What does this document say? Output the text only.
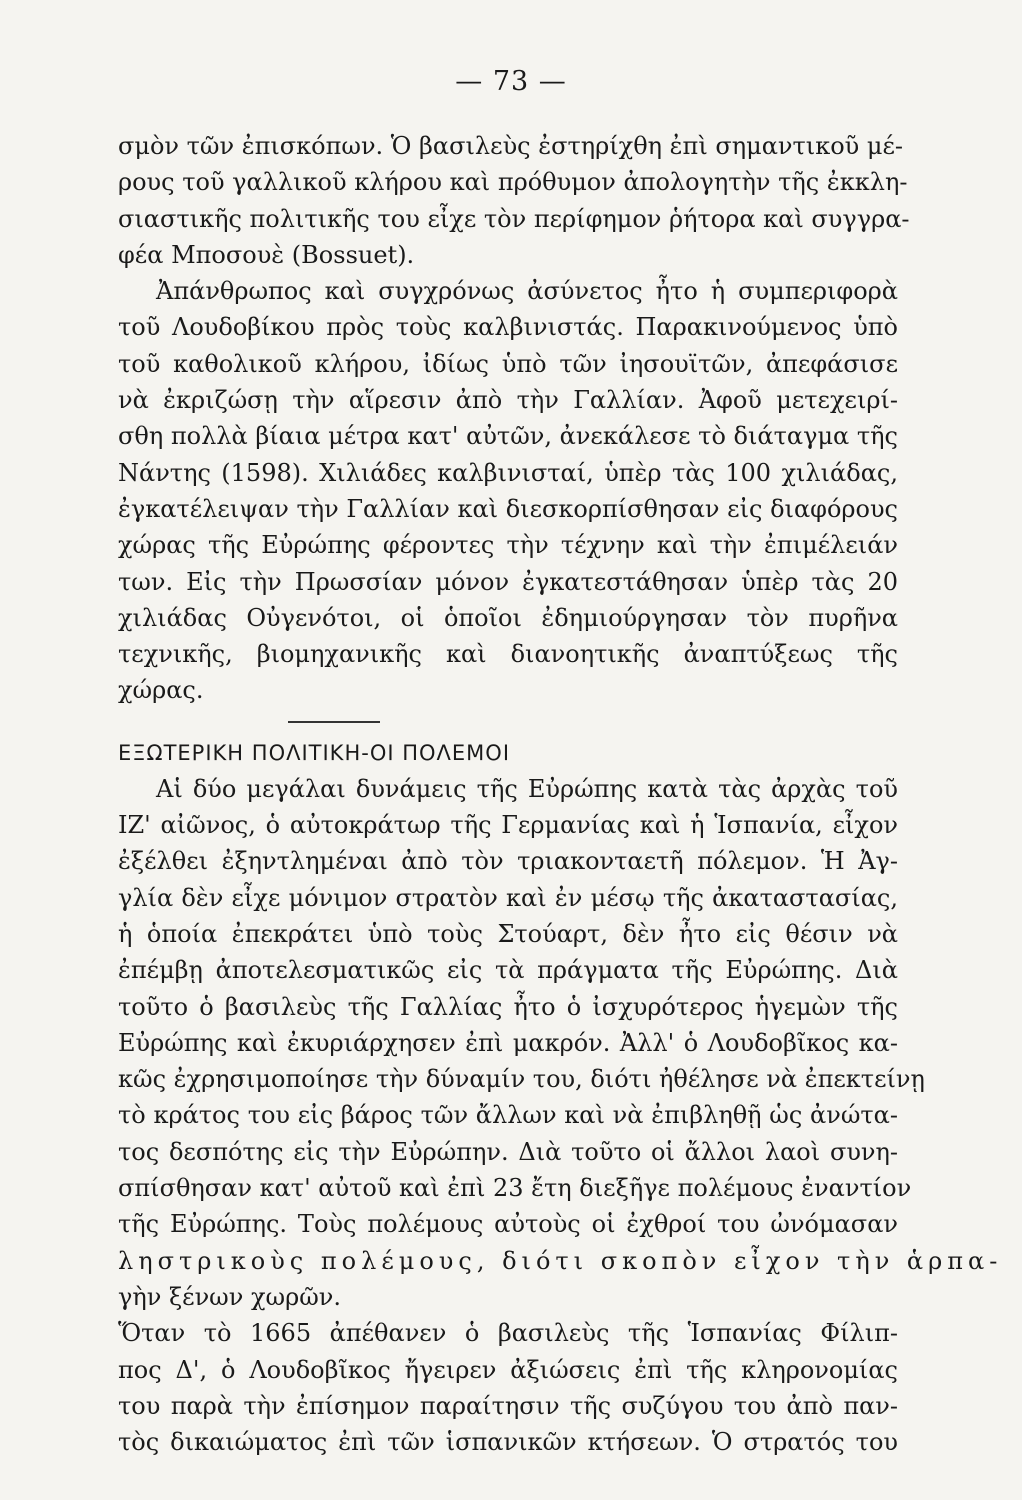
— 73 —
σμὸν τῶν ἐπισκόπων. Ὁ βασιλεὺς ἐστηρίχθη ἐπὶ σημαντικοῦ μέ-
ρους τοῦ γαλλικοῦ κλήρου καὶ πρόθυμον ἀπολογητὴν τῆς ἐκκλη-
σιαστικῆς πολιτικῆς του εἶχε τὸν περίφημον ῥήτορα καὶ συγγρα-
φέα Μποσουὲ (Bossuet).
Ἀπάνθρωπος καὶ συγχρόνως ἀσύνετος ἦτο ἡ συμπεριφορὰ
τοῦ Λουδοβίκου πρὸς τοὺς καλβινιστάς. Παρακινούμενος ὑπὸ
τοῦ καθολικοῦ κλήρου, ἰδίως ὑπὸ τῶν ἰησουϊτῶν, ἀπεφάσισε
νὰ ἐκριζώσῃ τὴν αἵρεσιν ἀπὸ τὴν Γαλλίαν. Ἀφοῦ μετεχειρί-
σθη πολλὰ βίαια μέτρα κατ' αὐτῶν, ἀνεκάλεσε τὸ διάταγμα τῆς
Νάντης (1598). Χιλιάδες καλβινισταί, ὑπὲρ τὰς 100 χιλιάδας,
ἐγκατέλειψαν τὴν Γαλλίαν καὶ διεσκορπίσθησαν εἰς διαφόρους
χώρας τῆς Εὐρώπης φέροντες τὴν τέχνην καὶ τὴν ἐπιμέλειάν
των. Εἰς τὴν Πρωσσίαν μόνον ἐγκατεστάθησαν ὑπὲρ τὰς 20
χιλιάδας Οὐγενότοι, οἱ ὁποῖοι ἐδημιούργησαν τὸν πυρῆνα
τεχνικῆς, βιομηχανικῆς καὶ διανοητικῆς ἀναπτύξεως τῆς
χώρας.
ΕΞΩΤΕΡΙΚΗ ΠΟΛΙΤΙΚΗ-ΟΙ ΠΟΛΕΜΟΙ
Αἱ δύο μεγάλαι δυνάμεις τῆς Εὐρώπης κατὰ τὰς ἀρχὰς τοῦ
ΙΖ' αἰῶνος, ὁ αὐτοκράτωρ τῆς Γερμανίας καὶ ἡ Ἱσπανία, εἶχον
ἐξέλθει ἐξηντλημέναι ἀπὸ τὸν τριακονταετῆ πόλεμον. Ἡ Ἀγ-
γλία δὲν εἶχε μόνιμον στρατὸν καὶ ἐν μέσῳ τῆς ἀκαταστασίας,
ἡ ὁποία ἐπεκράτει ὑπὸ τοὺς Στούαρτ, δὲν ἦτο εἰς θέσιν νὰ
ἐπέμβῃ ἀποτελεσματικῶς εἰς τὰ πράγματα τῆς Εὐρώπης. Διὰ
τοῦτο ὁ βασιλεὺς τῆς Γαλλίας ἦτο ὁ ἰσχυρότερος ἡγεμὼν τῆς
Εὐρώπης καὶ ἐκυριάρχησεν ἐπὶ μακρόν. Ἀλλ' ὁ Λουδοβῖκος κα-
κῶς ἐχρησιμοποίησε τὴν δύναμίν του, διότι ἠθέλησε νὰ ἐπεκτείνῃ
τὸ κράτος του εἰς βάρος τῶν ἄλλων καὶ νὰ ἐπιβληθῇ ὡς ἀνώτα-
τος δεσπότης εἰς τὴν Εὐρώπην. Διὰ τοῦτο οἱ ἄλλοι λαοὶ συνη-
σπίσθησαν κατ' αὐτοῦ καὶ ἐπὶ 23 ἔτη διεξῆγε πολέμους ἐναντίον
τῆς Εὐρώπης. Τοὺς πολέμους αὐτοὺς οἱ ἐχθροί του ὠνόμασαν
ληστρικοὺς πολέμους, διότι σκοπὸν εἶχον τὴν ἁρπα-
γὴν ξένων χωρῶν.
Ὅταν τὸ 1665 ἀπέθανεν ὁ βασιλεὺς τῆς Ἱσπανίας Φίλιπ-
πος Δ', ὁ Λουδοβῖκος ἤγειρεν ἀξιώσεις ἐπὶ τῆς κληρονομίας
του παρὰ τὴν ἐπίσημον παραίτησιν τῆς συζύγου του ἀπὸ παν-
τὸς δικαιώματος ἐπὶ τῶν ἱσπανικῶν κτήσεων. Ὁ στρατός του
